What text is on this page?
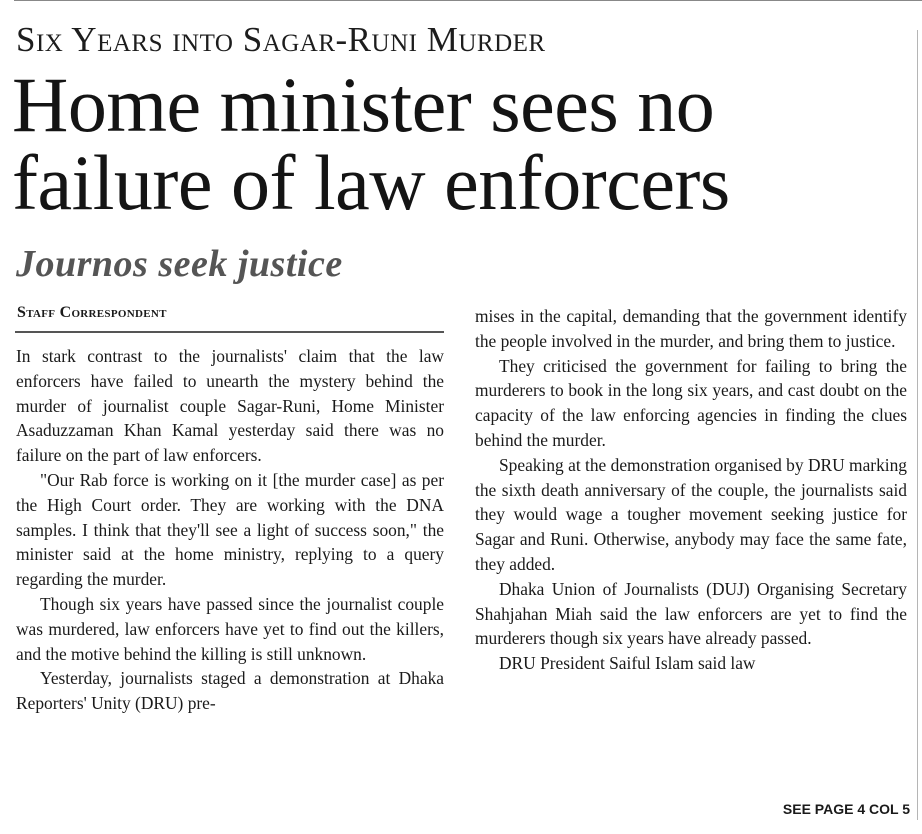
Six Years into Sagar-Runi Murder
Home minister sees no failure of law enforcers
Journos seek justice
Staff Correspondent

In stark contrast to the journalists' claim that the law enforcers have failed to unearth the mystery behind the murder of journalist couple Sagar-Runi, Home Minister Asaduzzaman Khan Kamal yesterday said there was no failure on the part of law enforcers.

"Our Rab force is working on it [the murder case] as per the High Court order. They are working with the DNA samples. I think that they'll see a light of success soon," the minister said at the home ministry, replying to a query regarding the murder.

Though six years have passed since the journalist couple was murdered, law enforcers have yet to find out the killers, and the motive behind the killing is still unknown.

Yesterday, journalists staged a demonstration at Dhaka Reporters' Unity (DRU) pre-

mises in the capital, demanding that the government identify the people involved in the murder, and bring them to justice.

They criticised the government for failing to bring the murderers to book in the long six years, and cast doubt on the capacity of the law enforcing agencies in finding the clues behind the murder.

Speaking at the demonstration organised by DRU marking the sixth death anniversary of the couple, the journalists said they would wage a tougher movement seeking justice for Sagar and Runi. Otherwise, anybody may face the same fate, they added.

Dhaka Union of Journalists (DUJ) Organising Secretary Shahjahan Miah said the law enforcers are yet to find the murderers though six years have already passed.

DRU President Saiful Islam said law

SEE PAGE 4 COL 5
